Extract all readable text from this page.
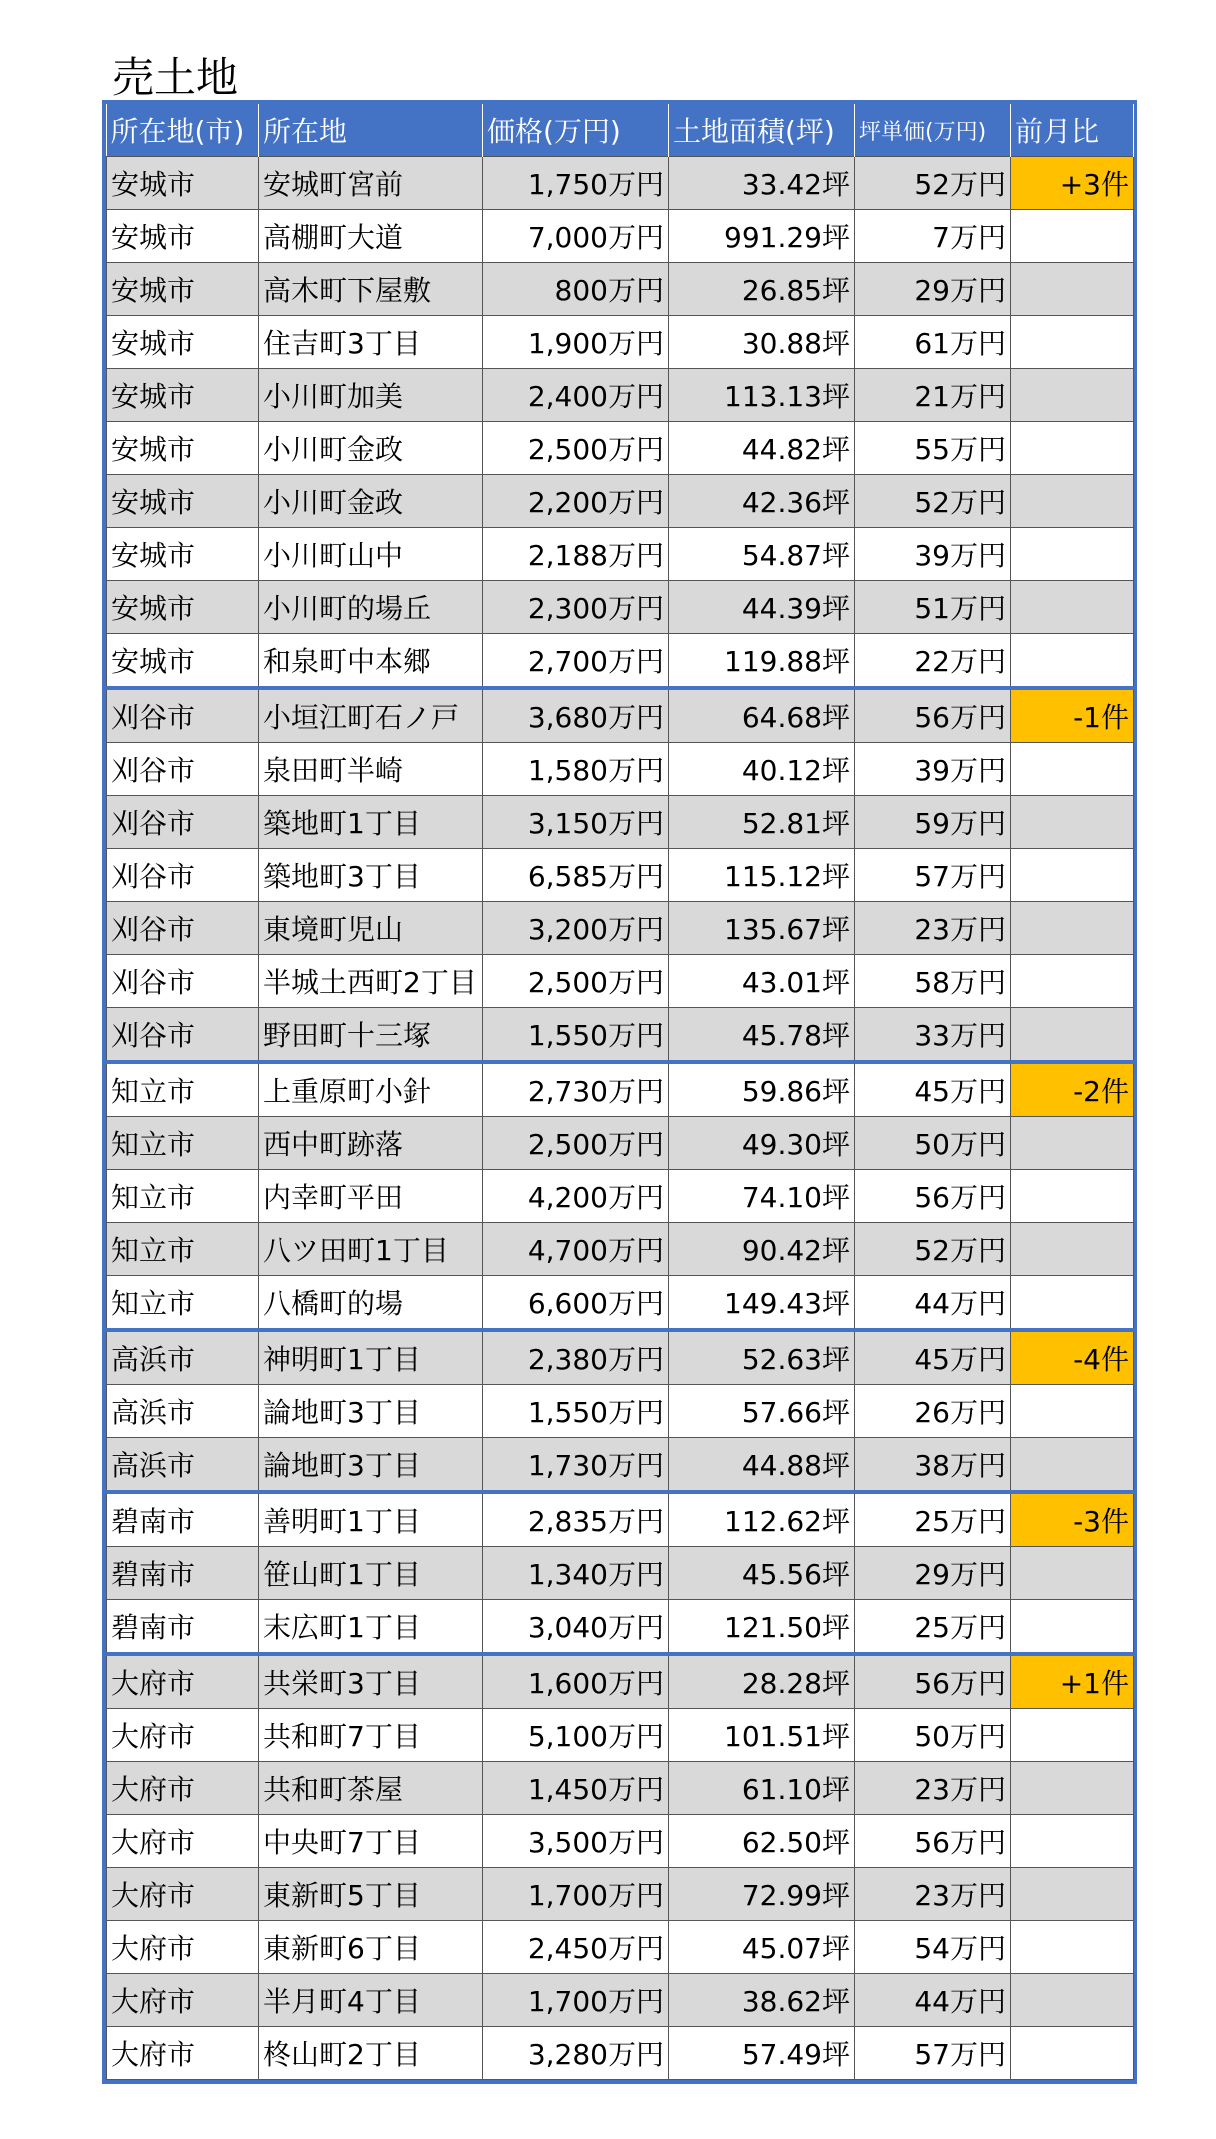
売土地
所在地(市)	所在地	価格(万円)	土地面積(坪)	坪単価(万円)	前月比
安城市	安城町宮前	1,750万円	33.42坪	52万円	+3件
安城市	高棚町大道	7,000万円	991.29坪	7万円	
安城市	高木町下屋敷	800万円	26.85坪	29万円	
安城市	住吉町3丁目	1,900万円	30.88坪	61万円	
安城市	小川町加美	2,400万円	113.13坪	21万円	
安城市	小川町金政	2,500万円	44.82坪	55万円	
安城市	小川町金政	2,200万円	42.36坪	52万円	
安城市	小川町山中	2,188万円	54.87坪	39万円	
安城市	小川町的場丘	2,300万円	44.39坪	51万円	
安城市	和泉町中本郷	2,700万円	119.88坪	22万円	
刈谷市	小垣江町石ノ戸	3,680万円	64.68坪	56万円	-1件
刈谷市	泉田町半崎	1,580万円	40.12坪	39万円	
刈谷市	築地町1丁目	3,150万円	52.81坪	59万円	
刈谷市	築地町3丁目	6,585万円	115.12坪	57万円	
刈谷市	東境町児山	3,200万円	135.67坪	23万円	
刈谷市	半城土西町2丁目	2,500万円	43.01坪	58万円	
刈谷市	野田町十三塚	1,550万円	45.78坪	33万円	
知立市	上重原町小針	2,730万円	59.86坪	45万円	-2件
知立市	西中町跡落	2,500万円	49.30坪	50万円	
知立市	内幸町平田	4,200万円	74.10坪	56万円	
知立市	八ツ田町1丁目	4,700万円	90.42坪	52万円	
知立市	八橋町的場	6,600万円	149.43坪	44万円	
高浜市	神明町1丁目	2,380万円	52.63坪	45万円	-4件
高浜市	論地町3丁目	1,550万円	57.66坪	26万円	
高浜市	論地町3丁目	1,730万円	44.88坪	38万円	
碧南市	善明町1丁目	2,835万円	112.62坪	25万円	-3件
碧南市	笹山町1丁目	1,340万円	45.56坪	29万円	
碧南市	末広町1丁目	3,040万円	121.50坪	25万円	
大府市	共栄町3丁目	1,600万円	28.28坪	56万円	+1件
大府市	共和町7丁目	5,100万円	101.51坪	50万円	
大府市	共和町茶屋	1,450万円	61.10坪	23万円	
大府市	中央町7丁目	3,500万円	62.50坪	56万円	
大府市	東新町5丁目	1,700万円	72.99坪	23万円	
大府市	東新町6丁目	2,450万円	45.07坪	54万円	
大府市	半月町4丁目	1,700万円	38.62坪	44万円	
大府市	柊山町2丁目	3,280万円	57.49坪	57万円	
